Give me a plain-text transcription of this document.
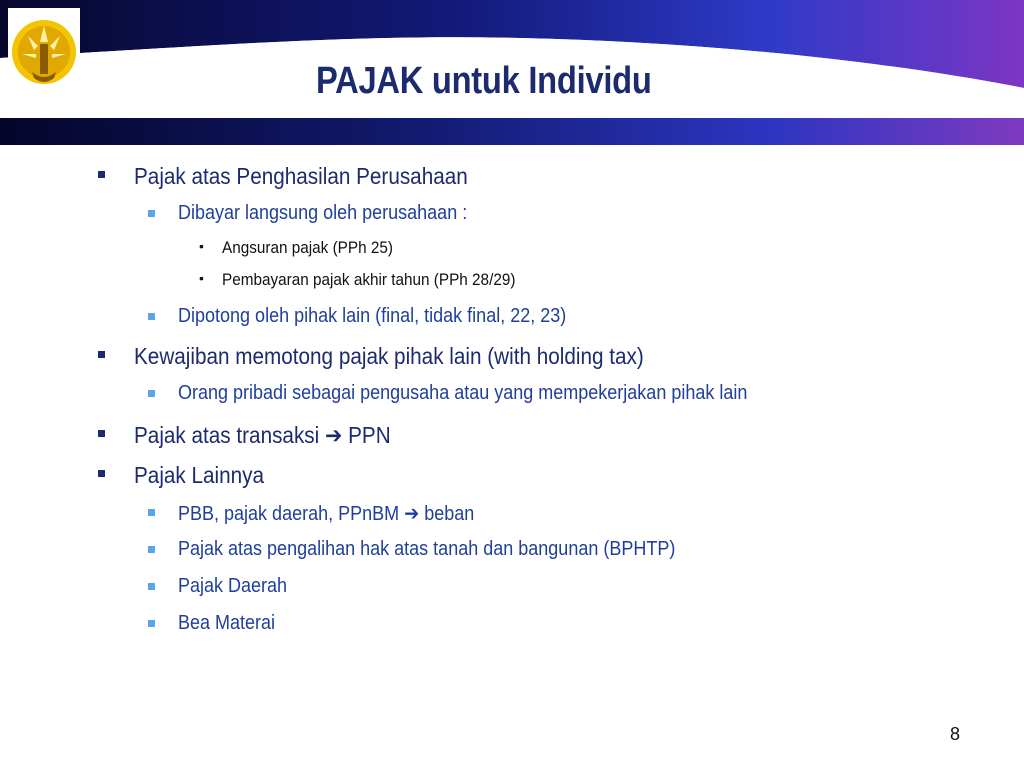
PAJAK untuk Individu
Pajak atas Penghasilan Perusahaan
Dibayar langsung oleh perusahaan :
• Angsuran pajak (PPh 25)
• Pembayaran pajak akhir tahun (PPh 28/29)
Dipotong oleh pihak lain (final, tidak final, 22, 23)
Kewajiban memotong pajak pihak lain (with holding tax)
Orang pribadi sebagai pengusaha atau yang mempekerjakan pihak lain
Pajak atas transaksi ➔ PPN
Pajak Lainnya
PBB, pajak daerah, PPnBM ➔ beban
Pajak atas pengalihan hak atas tanah dan bangunan (BPHTP)
Pajak Daerah
Bea Materai
8
